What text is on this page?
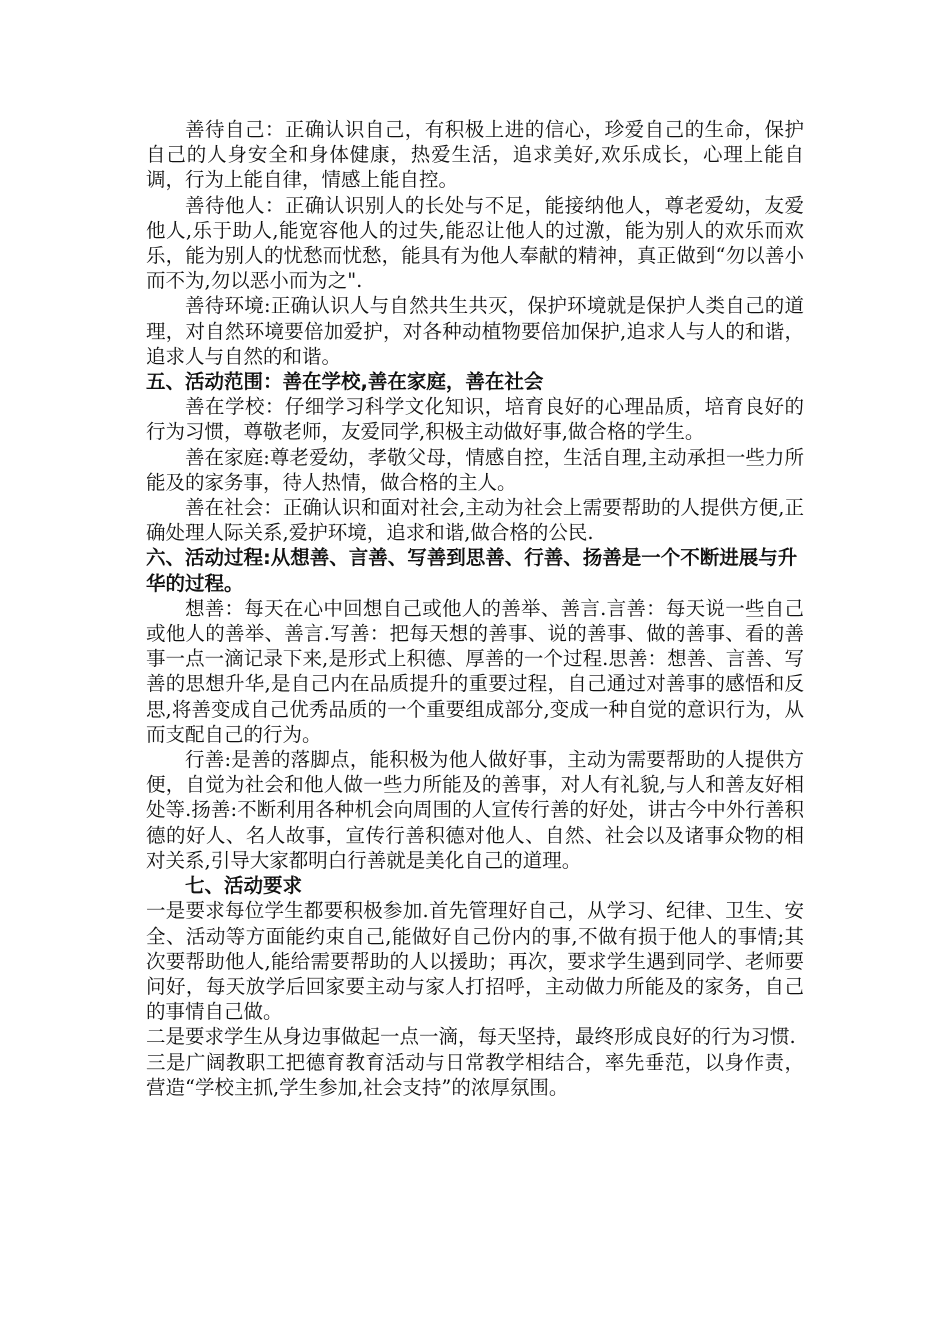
善待自己：正确认识自己，有积极上进的信心，珍爱自己的生命，保护自己的人身安全和身体健康，热爱生活，追求美好,欢乐成长，心理上能自调，行为上能自律，情感上能自控。

善待他人：正确认识别人的长处与不足，能接纳他人，尊老爱幼，友爱他人,乐于助人,能宽容他人的过失,能忍让他人的过激，能为别人的欢乐而欢乐，能为别人的忧愁而忧愁，能具有为他人奉献的精神，真正做到“勿以善小而不为,勿以恶小而为之".

善待环境:正确认识人与自然共生共灭，保护环境就是保护人类自己的道理，对自然环境要倍加爱护，对各种动植物要倍加保护,追求人与人的和谐，追求人与自然的和谐。

五、活动范围：善在学校,善在家庭，善在社会

善在学校：仔细学习科学文化知识，培育良好的心理品质，培育良好的行为习惯，尊敬老师，友爱同学,积极主动做好事,做合格的学生。

善在家庭:尊老爱幼，孝敬父母，情感自控，生活自理,主动承担一些力所能及的家务事，待人热情，做合格的主人。

善在社会：正确认识和面对社会,主动为社会上需要帮助的人提供方便,正确处理人际关系,爱护环境，追求和谐,做合格的公民.

六、活动过程:从想善、言善、写善到思善、行善、扬善是一个不断进展与升华的过程。

想善：每天在心中回想自己或他人的善举、善言.言善：每天说一些自己或他人的善举、善言.写善：把每天想的善事、说的善事、做的善事、看的善事一点一滴记录下来,是形式上积德、厚善的一个过程.思善：想善、言善、写善的思想升华,是自己内在品质提升的重要过程，自己通过对善事的感悟和反思,将善变成自己优秀品质的一个重要组成部分,变成一种自觉的意识行为，从而支配自己的行为。

行善:是善的落脚点，能积极为他人做好事，主动为需要帮助的人提供方便，自觉为社会和他人做一些力所能及的善事，对人有礼貌,与人和善友好相处等.扬善:不断利用各种机会向周围的人宣传行善的好处，讲古今中外行善积德的好人、名人故事，宣传行善积德对他人、自然、社会以及诸事众物的相对关系,引导大家都明白行善就是美化自己的道理。

七、活动要求

一是要求每位学生都要积极参加.首先管理好自己，从学习、纪律、卫生、安全、活动等方面能约束自己,能做好自己份内的事,不做有损于他人的事情;其次要帮助他人,能给需要帮助的人以援助；再次，要求学生遇到同学、老师要问好，每天放学后回家要主动与家人打招呼，主动做力所能及的家务，自己的事情自己做。

二是要求学生从身边事做起一点一滴，每天坚持，最终形成良好的行为习惯.

三是广阔教职工把德育教育活动与日常教学相结合，率先垂范，以身作责，营造“学校主抓,学生参加,社会支持”的浓厚氛围。
